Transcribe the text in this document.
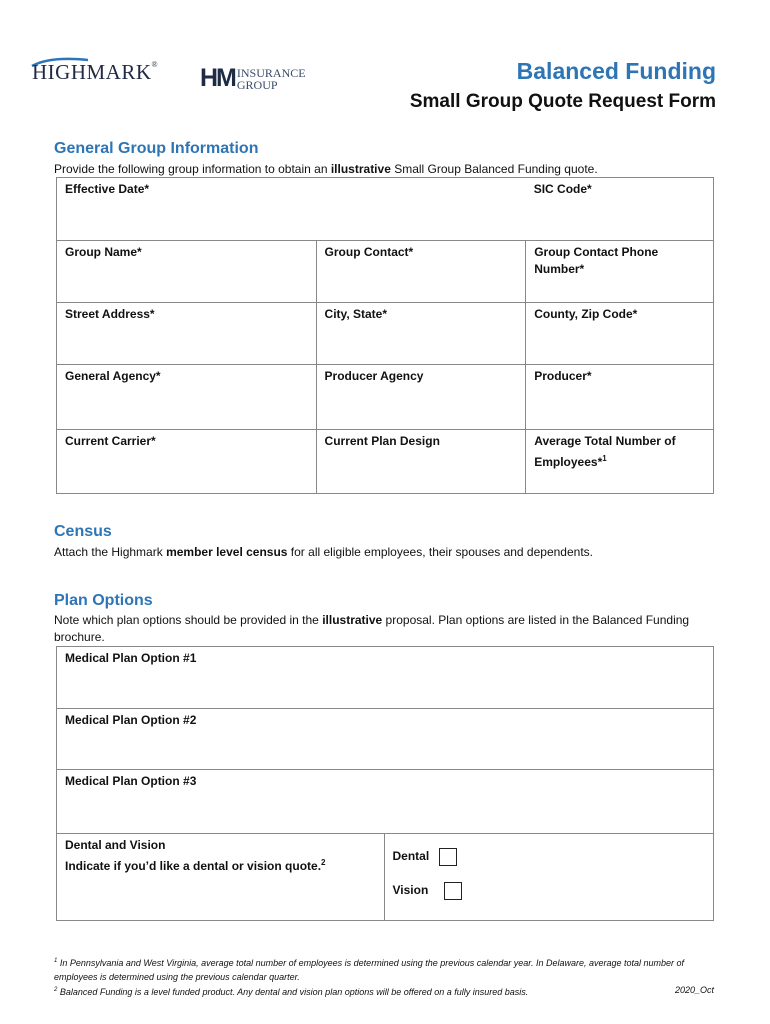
HIGHMARK® HM INSURANCE
GROUP
Balanced Funding
Small Group Quote Request Form
General Group Information
Provide the following group information to obtain an illustrative Small Group Balanced Funding quote.
Effective Date*		SIC Code*
Group Name*	Group Contact*	Group Contact Phone Number*
Street Address*	City, State*	County, Zip Code*
General Agency*	Producer Agency	Producer*
Current Carrier*	Current Plan Design	Average Total Number of Employees*$^1$
Census
Attach the Highmark member level census for all eligible employees, their spouses and dependents.
Plan Options
Note which plan options should be provided in the illustrative proposal. Plan options are listed in the Balanced Funding brochure.
Medical Plan Option #1
Medical Plan Option #2
Medical Plan Option #3

Dental and Vision
Indicate if you’d like a dental or vision quote.$^2$	Dental
Vision
$^1$ In Pennsylvania and West Virginia, average total number of employees is determined using the previous calendar year. In Delaware, average total number of employees is determined using the previous calendar quarter.
$^2$ Balanced Funding is a level funded product. Any dental and vision plan options will be offered on a fully insured basis.	2020_Oct
